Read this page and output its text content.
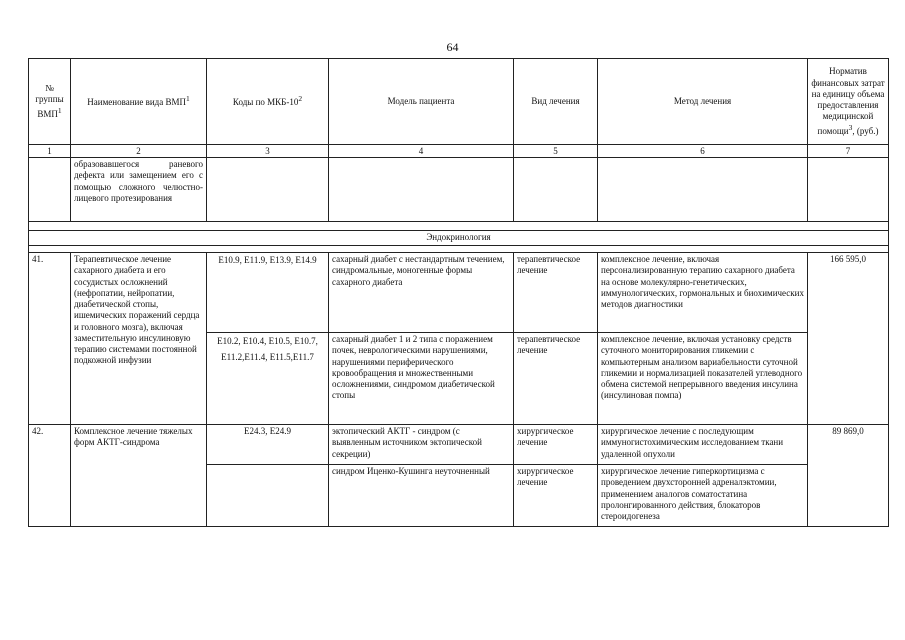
64
№ группы ВМП$^1$	Наименование вида ВМП$^1$	Коды по МКБ-$10^2$	Модель пациента	Вид лечения	Метод лечения	Норматив финансовых затрат на единицу объема предоставления медицинской помощи$^3$, (руб.)
1	2	3	4	5	6	7
	образовавшегося раневого дефекта или замещением его с помощью сложного челюстно-лицевого протезирования					

Эндокринология						

41.	Терапевтическое лечение сахарного диабета и его сосудистых осложнений (нефропатии, нейропатии, диабетической стопы, ишемических поражений сердца и головного мозга), включая заместительную инсулиновую терапию системами постоянной подкожной инфузии	E10.9, E11.9, E13.9, E14.9	сахарный диабет с нестандартным течением, синдромальные, моногенные формы сахарного диабета	терапевтическое лечение	комплексное лечение, включая персонализированную терапию сахарного диабета на основе молекулярно-генетических, иммунологических, гормональных и биохимических методов диагностики	166 595,0
		E10.2, E10.4, E10.5, E10.7, E11.2,E11.4, E11.5,E11.7	сахарный диабет 1 и 2 типа с поражением почек, неврологическими нарушениями, нарушениями периферического кровообращения и множественными осложнениями, синдромом диабетической стопы	терапевтическое лечение	комплексное лечение, включая установку средств суточного мониторирования гликемии с компьютерным анализом вариабельности суточной гликемии и нормализацией показателей углеводного обмена системой непрерывного введения инсулина (инсулиновая помпа)	
42.	Комплексное лечение тяжелых форм АКТГ-синдрома	E24.3, E24.9	эктопический АКТГ - синдром (с выявленным источником эктопической секреции)	хирургическое лечение	хирургическое лечение с последующим иммуногистохимическим исследованием ткани удаленной опухоли	89 869,0
			синдром Иценко-Кушинга неуточненный	хирургическое лечение	хирургическое лечение гиперкортицизма с проведением двухсторонней адреналэктомии, применением аналогов соматостатина пролонгированного действия, блокаторов стероидогенеза	
